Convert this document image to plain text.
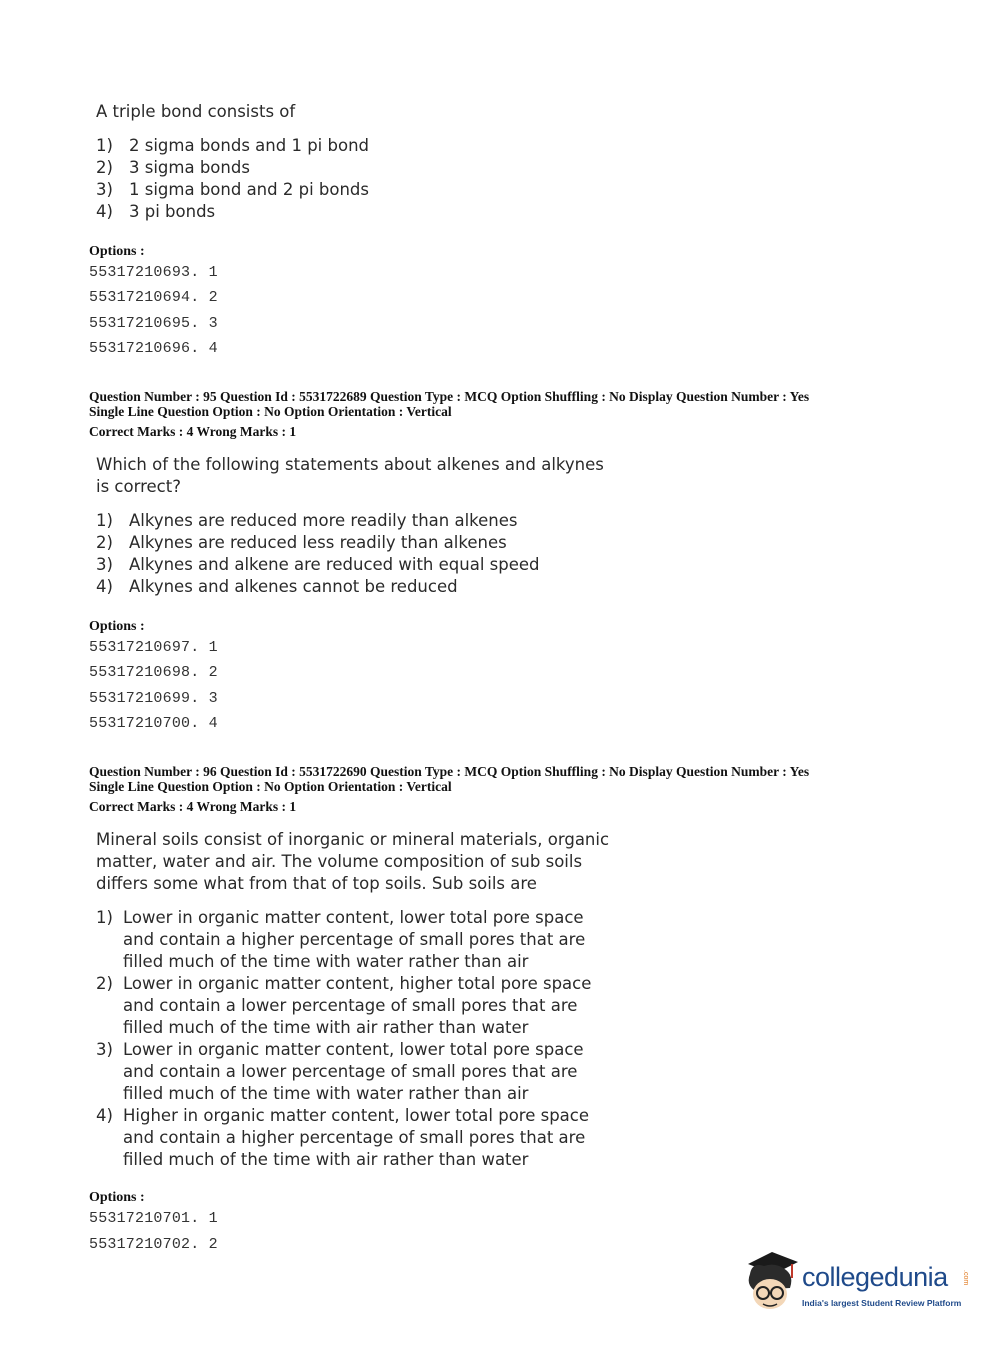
A triple bond consists of
1) 2 sigma bonds and 1 pi bond
2) 3 sigma bonds
3) 1 sigma bond and 2 pi bonds
4) 3 pi bonds
Options :
55317210693. 1
55317210694. 2
55317210695. 3
55317210696. 4
Question Number : 95 Question Id : 5531722689 Question Type : MCQ Option Shuffling : No Display Question Number : Yes
Single Line Question Option : No Option Orientation : Vertical
Correct Marks : 4 Wrong Marks : 1
Which of the following statements about alkenes and alkynes
is correct?
1) Alkynes are reduced more readily than alkenes
2) Alkynes are reduced less readily than alkenes
3) Alkynes and alkene are reduced with equal speed
4) Alkynes and alkenes cannot be reduced
Options :
55317210697. 1
55317210698. 2
55317210699. 3
55317210700. 4
Question Number : 96 Question Id : 5531722690 Question Type : MCQ Option Shuffling : No Display Question Number : Yes
Single Line Question Option : No Option Orientation : Vertical
Correct Marks : 4 Wrong Marks : 1
Mineral soils consist of inorganic or mineral materials, organic
matter, water and air. The volume composition of sub soils
differs some what from that of top soils. Sub soils are
1) Lower in organic matter content, lower total pore space
and contain a higher percentage of small pores that are
filled much of the time with water rather than air
2) Lower in organic matter content, higher total pore space
and contain a lower percentage of small pores that are
filled much of the time with air rather than water
3) Lower in organic matter content, lower total pore space
and contain a lower percentage of small pores that are
filled much of the time with water rather than air
4) Higher in organic matter content, lower total pore space
and contain a higher percentage of small pores that are
filled much of the time with air rather than water
Options :
55317210701. 1
55317210702. 2
collegedunia .com
India's largest Student Review Platform
